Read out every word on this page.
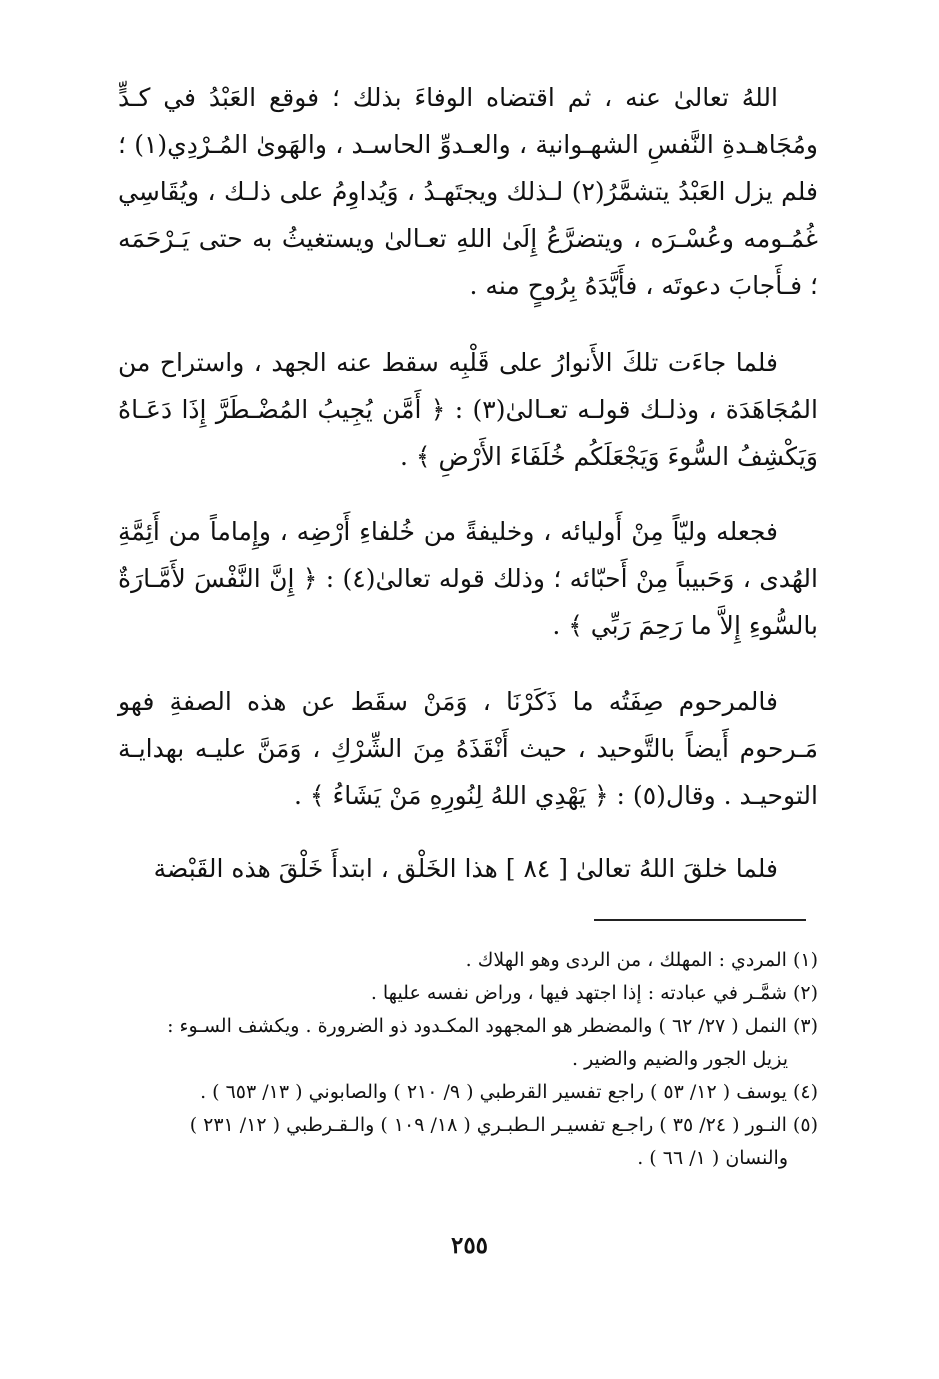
اللهُ تعالىٰ عنه ، ثم اقتضاه الوفاءَ بذلك ؛ فوقع العَبْدُ في كـدٍّ ومُجَاهـدةِ النَّفسِ الشهـوانية ، والعـدوِّ الحاسـد ، والهَوىٰ المُـرْدِي(١) ؛ فلم يزل العَبْدُ يتشمَّرُ(٢) لـذلك ويجتَهـدُ ، وَيُداوِمُ على ذلـك ، ويُقَاسِي غُمُـومه وعُسْـرَه ، ويتضرَّعُ إِلَىٰ اللهِ تعـالىٰ ويستغيثُ به حتى يَـرْحَمَه ؛ فـأَجابَ دعوتَه ، فأَيَّدَهُ بِرُوحٍ منه .

فلما جاءَت تلكَ الأَنوارُ على قَلْبِه سقط عنه الجهد ، واستراح من المُجَاهَدَة ، وذلـك قولـه تعـالىٰ(٣) : ﴿ أَمَّن يُجِيبُ المُضْـطَرَّ إِذَا دَعَـاهُ وَيَكْشِفُ السُّوءَ وَيَجْعَلَكُم خُلَفَاءَ الأَرْضِ ﴾ .

فجعله وليّاً مِنْ أَوليائه ، وخليفةً من خُلفاءِ أَرْضِه ، وإِماماً من أَئِمَّةِ الهُدى ، وَحَبيباً مِنْ أَحبّائه ؛ وذلك قوله تعالىٰ(٤) : ﴿ إِنَّ النَّفْسَ لأَمَّـارَةٌ بالسُّوءِ إِلاَّ ما رَحِمَ رَبِّي ﴾ .

فالمرحوم صِفَتُه ما ذَكَرْنَا ، وَمَنْ سقَط عن هذه الصفةِ فهو مَـرحوم أَيضاً بالتَّوحيد ، حيث أَنْقَذَهُ مِنَ الشِّرْكِ ، وَمَنَّ عليـه بهدايـة التوحيـد . وقال(٥) : ﴿ يَهْدِي اللهُ لِنُورِهِ مَنْ يَشَاءُ ﴾ .

فلما خلقَ اللهُ تعالىٰ [ ٨٤ ] هذا الخَلْق ، ابتدأَ خَلْقَ هذه القَبْضة

(١) المردي : المهلك ، من الردى وهو الهلاك .

(٢) شمَّـر في عبادته : إذا اجتهد فيها ، وراض نفسه عليها .

(٣) النمل ( ٢٧/ ٦٢ ) والمضطر هو المجهود المكـدود ذو الضرورة . ويكشف السـوء :

يزيل الجور والضيم والضير .

(٤) يوسف ( ١٢/ ٥٣ ) راجع تفسير القرطبي ( ٩/ ٢١٠ ) والصابوني ( ١٣/ ٦٥٣ ) .

(٥) النـور ( ٢٤/ ٣٥ ) راجـع تفسيـر الـطبـري ( ١٨/ ١٠٩ ) والـقـرطبي ( ١٢/ ٢٣١ )

والنسان ( ١/ ٦٦ ) .

٢٥٥
